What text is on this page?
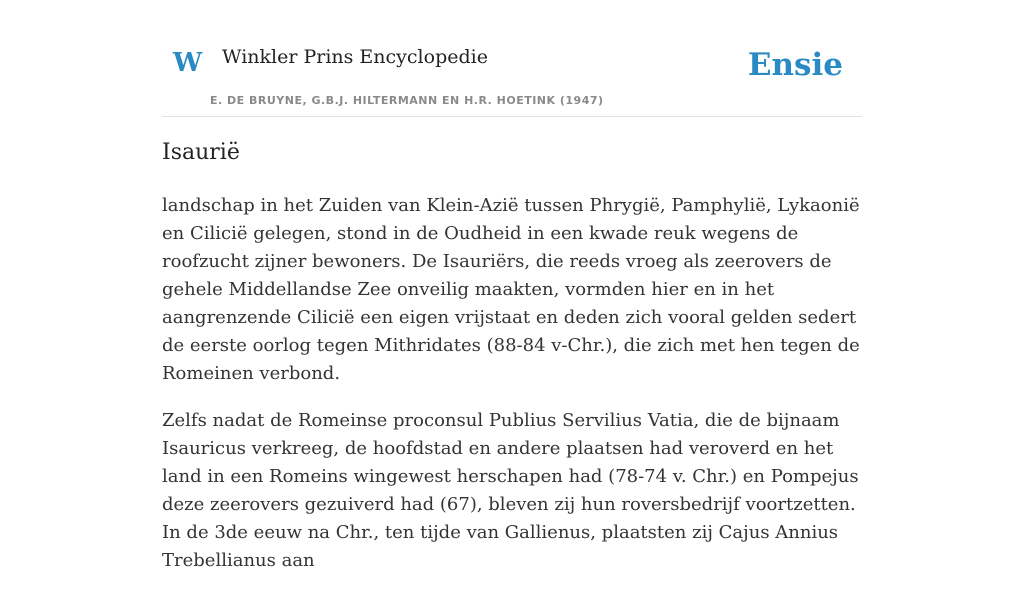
W Winkler Prins Encyclopedie
E. DE BRUYNE, G.B.J. HILTERMANN EN H.R. HOETINK (1947)
Ensie
Isaurië

landschap in het Zuiden van Klein-Azië tussen Phrygië, Pamphylië, Lykaonië en Cilicië gelegen, stond in de Oudheid in een kwade reuk wegens de roofzucht zijner bewoners. De Isauriërs, die reeds vroeg als zeerovers de gehele Middellandse Zee onveilig maakten, vormden hier en in het aangrenzende Cilicië een eigen vrijstaat en deden zich vooral gelden sedert de eerste oorlog tegen Mithridates (88-84 v-Chr.), die zich met hen tegen de Romeinen verbond.

Zelfs nadat de Romeinse proconsul Publius Servilius Vatia, die de bijnaam Isauricus verkreeg, de hoofdstad en andere plaatsen had veroverd en het land in een Romeins wingewest herschapen had (78-74 v. Chr.) en Pompejus deze zeerovers gezuiverd had (67), bleven zij hun roversbedrijf voortzetten. In de 3de eeuw na Chr., ten tijde van Gallienus, plaatsten zij Cajus Annius Trebellianus aan
